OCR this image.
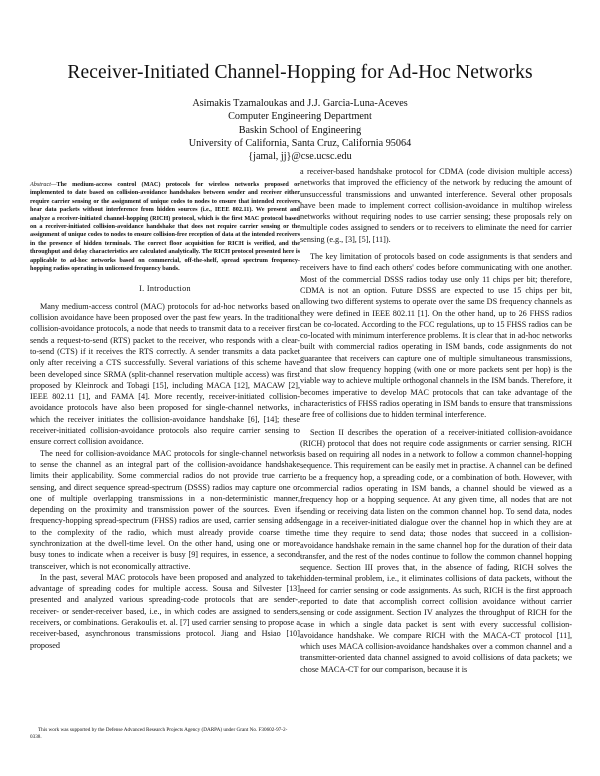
Receiver-Initiated Channel-Hopping for Ad-Hoc Networks
Asimakis Tzamaloukas and J.J. Garcia-Luna-Aceves
Computer Engineering Department
Baskin School of Engineering
University of California, Santa Cruz, California 95064
{jamal, jj}@cse.ucsc.edu
Abstract—The medium-access control (MAC) protocols for wireless networks proposed or implemented to date based on collision-avoidance handshakes between sender and receiver either require carrier sensing or the assignment of unique codes to nodes to ensure that intended receivers hear data packets without interference from hidden sources (i.e., IEEE 802.11). We present and analyze a receiver-initiated channel-hopping (RICH) protocol, which is the first MAC protocol based on a receiver-initiated collision-avoidance handshake that does not require carrier sensing or the assignment of unique codes to nodes to ensure collision-free reception of data at the intended receivers in the presence of hidden terminals. The correct floor acquisition for RICH is verified, and the throughput and delay characteristics are calculated analytically. The RICH protocol presented here is applicable to ad-hoc networks based on commercial, off-the-shelf, spread spectrum frequency-hopping radios operating in unlicensed frequency bands.
I. Introduction

Many medium-access control (MAC) protocols for ad-hoc networks based on collision avoidance have been proposed over the past few years. In the traditional collision-avoidance protocols, a node that needs to transmit data to a receiver first sends a request-to-send (RTS) packet to the receiver, who responds with a clear-to-send (CTS) if it receives the RTS correctly. A sender transmits a data packet only after receiving a CTS successfully. Several variations of this scheme have been developed since SRMA (split-channel reservation multiple access) was first proposed by Kleinrock and Tobagi [15], including MACA [12], MACAW [2], IEEE 802.11 [1], and FAMA [4]. More recently, receiver-initiated collision-avoidance protocols have also been proposed for single-channel networks, in which the receiver initiates the collision-avoidance handshake [6], [14]; these receiver-initiated collision-avoidance protocols also require carrier sensing to ensure correct collision avoidance.

The need for collision-avoidance MAC protocols for single-channel networks to sense the channel as an integral part of the collision-avoidance handshake limits their applicability. Some commercial radios do not provide true carrier sensing, and direct sequence spread-spectrum (DSSS) radios may capture one or one of multiple overlapping transmissions in a non-deterministic manner, depending on the proximity and transmission power of the sources. Even if frequency-hopping spread-spectrum (FHSS) radios are used, carrier sensing adds to the complexity of the radio, which must already provide coarse time synchronization at the dwell-time level. On the other hand, using one or more busy tones to indicate when a receiver is busy [9] requires, in essence, a second transceiver, which is not economically attractive.

In the past, several MAC protocols have been proposed and analyzed to take advantage of spreading codes for multiple access. Sousa and Silvester [13] presented and analyzed various spreading-code protocols that are sender-, receiver- or sender-receiver based, i.e., in which codes are assigned to senders, receivers, or combinations. Gerakoulis et. al. [7] used carrier sensing to propose a receiver-based, asynchronous transmissions protocol. Jiang and Hsiao [10] proposed

a receiver-based handshake protocol for CDMA (code division multiple access) networks that improved the efficiency of the network by reducing the amount of unsuccessful transmissions and unwanted interference. Several other proposals have been made to implement correct collision-avoidance in multihop wireless networks without requiring nodes to use carrier sensing; these proposals rely on multiple codes assigned to senders or to receivers to eliminate the need for carrier sensing (e.g., [3], [5], [11]).

The key limitation of protocols based on code assignments is that senders and receivers have to find each others' codes before communicating with one another. Most of the commercial DSSS radios today use only 11 chips per bit; therefore, CDMA is not an option. Future DSSS are expected to use 15 chips per bit, allowing two different systems to operate over the same DS frequency channels as they were defined in IEEE 802.11 [1]. On the other hand, up to 26 FHSS radios can be co-located. According to the FCC regulations, up to 15 FHSS radios can be co-located with minimum interference problems. It is clear that in ad-hoc networks built with commercial radios operating in ISM bands, code assignments do not guarantee that receivers can capture one of multiple simultaneous transmissions, and that slow frequency hopping (with one or more packets sent per hop) is the viable way to achieve multiple orthogonal channels in the ISM bands. Therefore, it becomes imperative to develop MAC protocols that can take advantage of the characteristics of FHSS radios operating in ISM bands to ensure that transmissions are free of collisions due to hidden terminal interference.

Section II describes the operation of a receiver-initiated collision-avoidance (RICH) protocol that does not require code assignments or carrier sensing. RICH is based on requiring all nodes in a network to follow a common channel-hopping sequence. This requirement can be easily met in practise. A channel can be defined to be a frequency hop, a spreading code, or a combination of both. However, with commercial radios operating in ISM bands, a channel should be viewed as a frequency hop or a hopping sequence. At any given time, all nodes that are not sending or receiving data listen on the common channel hop. To send data, nodes engage in a receiver-initiated dialogue over the channel hop in which they are at the time they require to send data; those nodes that succeed in a collision-avoidance handshake remain in the same channel hop for the duration of their data transfer, and the rest of the nodes continue to follow the common channel hopping sequence. Section III proves that, in the absence of fading, RICH solves the hidden-terminal problem, i.e., it eliminates collisions of data packets, without the need for carrier sensing or code assignments. As such, RICH is the first approach reported to date that accomplish correct collision avoidance without carrier sensing or code assignment. Section IV analyzes the throughput of RICH for the case in which a single data packet is sent with every successful collision-avoidance handshake. We compare RICH with the MACA-CT protocol [11], which uses MACA collision-avoidance handshakes over a common channel and a transmitter-oriented data channel assigned to avoid collisions of data packets; we chose MACA-CT for our comparison, because it is

This work was supported by the Defense Advanced Research Projects Agency (DARPA) under Grant No. F30602-97-2-0338.
